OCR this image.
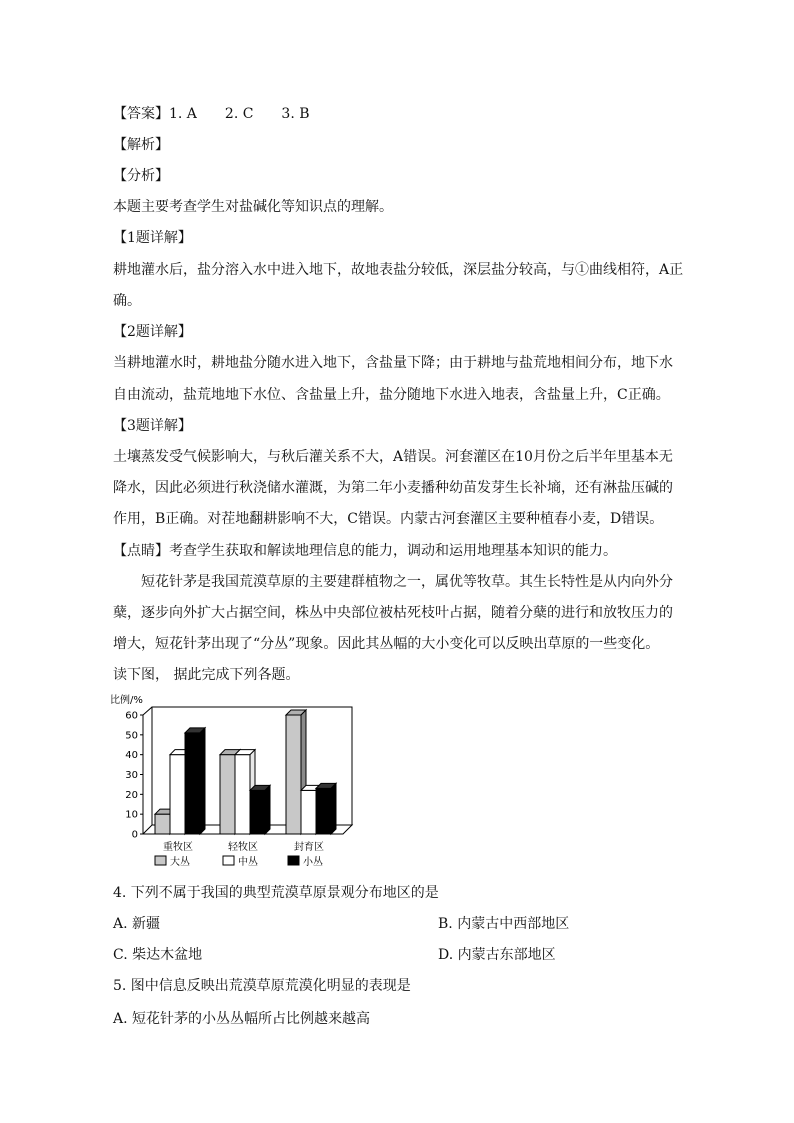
【答案】1. A　　2. C　　3. B
【解析】
【分析】
本题主要考查学生对盐碱化等知识点的理解。
【1题详解】
耕地灌水后，盐分溶入水中进入地下，故地表盐分较低，深层盐分较高，与①曲线相符，A正
确。
【2题详解】
当耕地灌水时，耕地盐分随水进入地下，含盐量下降；由于耕地与盐荒地相间分布，地下水
自由流动，盐荒地地下水位、含盐量上升，盐分随地下水进入地表，含盐量上升，C正确。
【3题详解】
土壤蒸发受气候影响大，与秋后灌关系不大，A错误。河套灌区在10月份之后半年里基本无
降水，因此必须进行秋浇储水灌溉，为第二年小麦播种幼苗发芽生长补墒，还有淋盐压碱的
作用，B正确。对茬地翻耕影响不大，C错误。内蒙古河套灌区主要种植春小麦，D错误。
【点睛】考查学生获取和解读地理信息的能力，调动和运用地理基本知识的能力。
短花针茅是我国荒漠草原的主要建群植物之一，属优等牧草。其生长特性是从内向外分
蘖，逐步向外扩大占据空间，株丛中央部位被枯死枝叶占据，随着分蘖的进行和放牧压力的
增大，短花针茅出现了“分丛”现象。因此其丛幅的大小变化可以反映出草原的一些变化。
读下图， 据此完成下列各题。
比例/%
0
10
20
30
40
50
60
重牧区	轻牧区	封育区
大丛	中丛	小丛
4. 下列不属于我国的典型荒漠草原景观分布地区的是
A. 新疆	B. 内蒙古中西部地区
C. 柴达木盆地	D. 内蒙古东部地区
5. 图中信息反映出荒漠草原荒漠化明显的表现是
A. 短花针茅的小丛丛幅所占比例越来越高
